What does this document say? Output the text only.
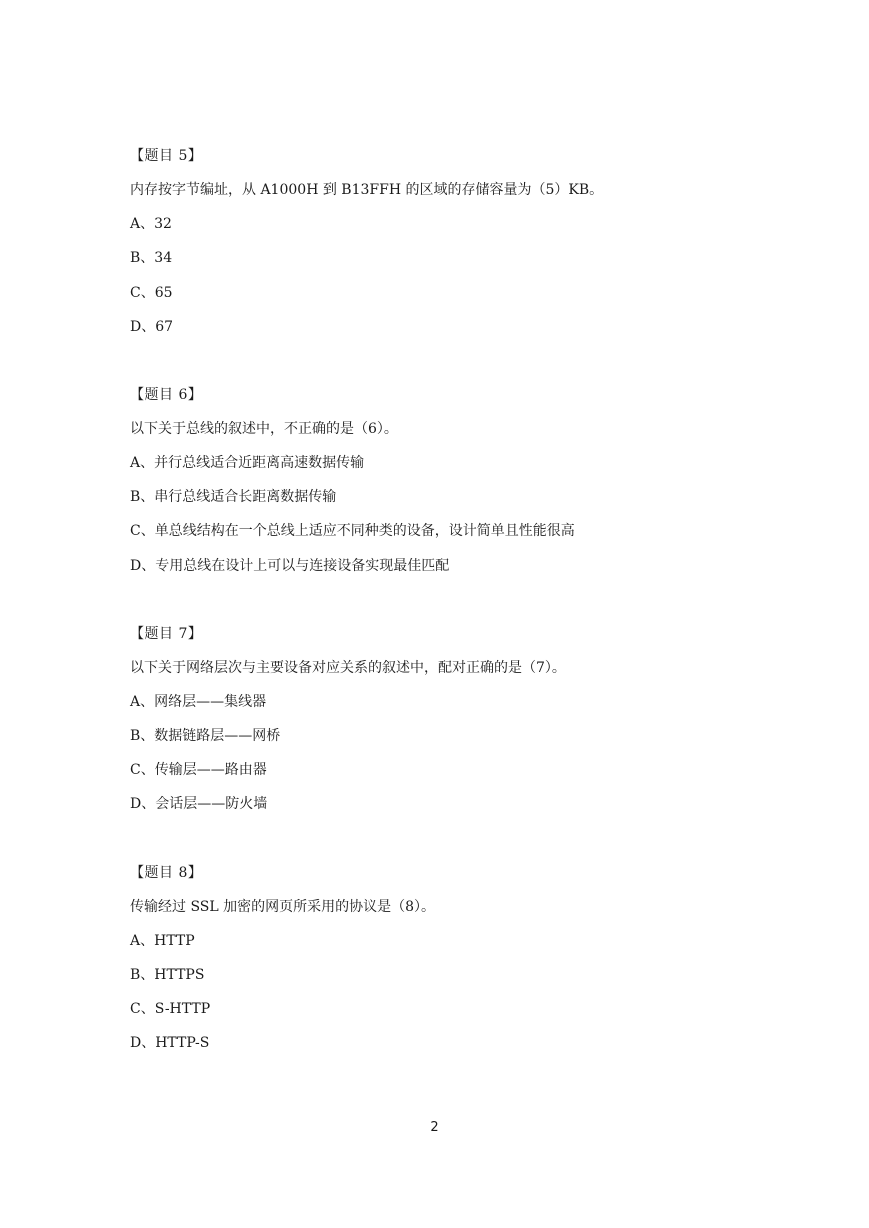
【题目 5】
内存按字节编址，从 A1000H 到 B13FFH 的区域的存储容量为（5）KB。
A、32
B、34
C、65
D、67
【题目 6】
以下关于总线的叙述中，不正确的是（6）。
A、并行总线适合近距离高速数据传输
B、串行总线适合长距离数据传输
C、单总线结构在一个总线上适应不同种类的设备，设计简单且性能很高
D、专用总线在设计上可以与连接设备实现最佳匹配
【题目 7】
以下关于网络层次与主要设备对应关系的叙述中，配对正确的是（7）。
A、网络层——集线器
B、数据链路层——网桥
C、传输层——路由器
D、会话层——防火墙
【题目 8】
传输经过 SSL 加密的网页所采用的协议是（8）。
A、HTTP
B、HTTPS
C、S-HTTP
D、HTTP-S
2
